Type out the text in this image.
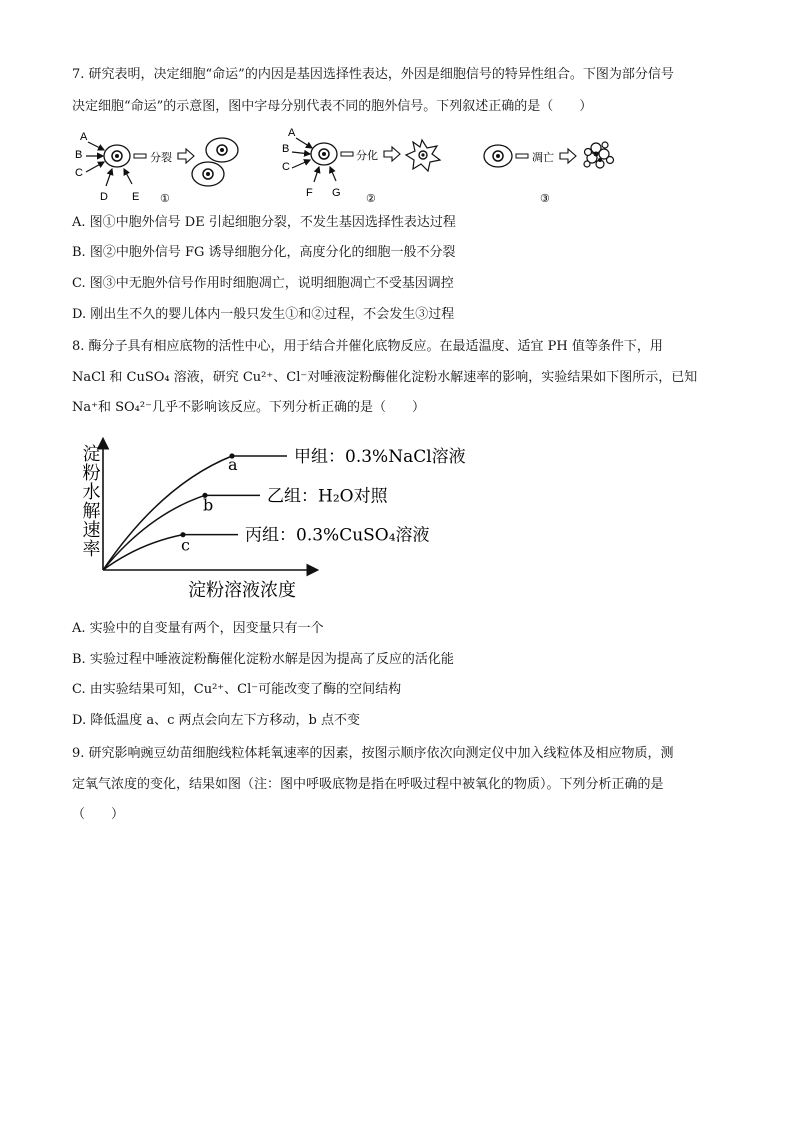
7. 研究表明，决定细胞“命运”的内因是基因选择性表达，外因是细胞信号的特异性组合。下图为部分信号
决定细胞“命运”的示意图，图中字母分别代表不同的胞外信号。下列叙述正确的是（　　）
A
B
C
D E
分裂
①
A
B
C
F G
分化
②
凋亡
③
A. 图①中胞外信号 DE 引起细胞分裂，不发生基因选择性表达过程
B. 图②中胞外信号 FG 诱导细胞分化，高度分化的细胞一般不分裂
C. 图③中无胞外信号作用时细胞凋亡，说明细胞凋亡不受基因调控
D. 刚出生不久的婴儿体内一般只发生①和②过程，不会发生③过程
8. 酶分子具有相应底物的活性中心，用于结合并催化底物反应。在最适温度、适宜 PH 值等条件下，用
NaCl 和 CuSO₄ 溶液，研究 Cu²⁺、Cl⁻对唾液淀粉酶催化淀粉水解速率的影响，实验结果如下图所示，已知
Na⁺和 SO₄²⁻几乎不影响该反应。下列分析正确的是（　　）
淀粉水解速率
淀粉溶液浓度
a	甲组：0.3%NaCl溶液
b	乙组：H₂O对照
c	丙组：0.3%CuSO₄溶液
A. 实验中的自变量有两个，因变量只有一个
B. 实验过程中唾液淀粉酶催化淀粉水解是因为提高了反应的活化能
C. 由实验结果可知，Cu²⁺、Cl⁻可能改变了酶的空间结构
D. 降低温度 a、c 两点会向左下方移动，b 点不变
9. 研究影响豌豆幼苗细胞线粒体耗氧速率的因素，按图示顺序依次向测定仪中加入线粒体及相应物质，测
定氧气浓度的变化，结果如图（注：图中呼吸底物是指在呼吸过程中被氧化的物质）。下列分析正确的是
（　　）
